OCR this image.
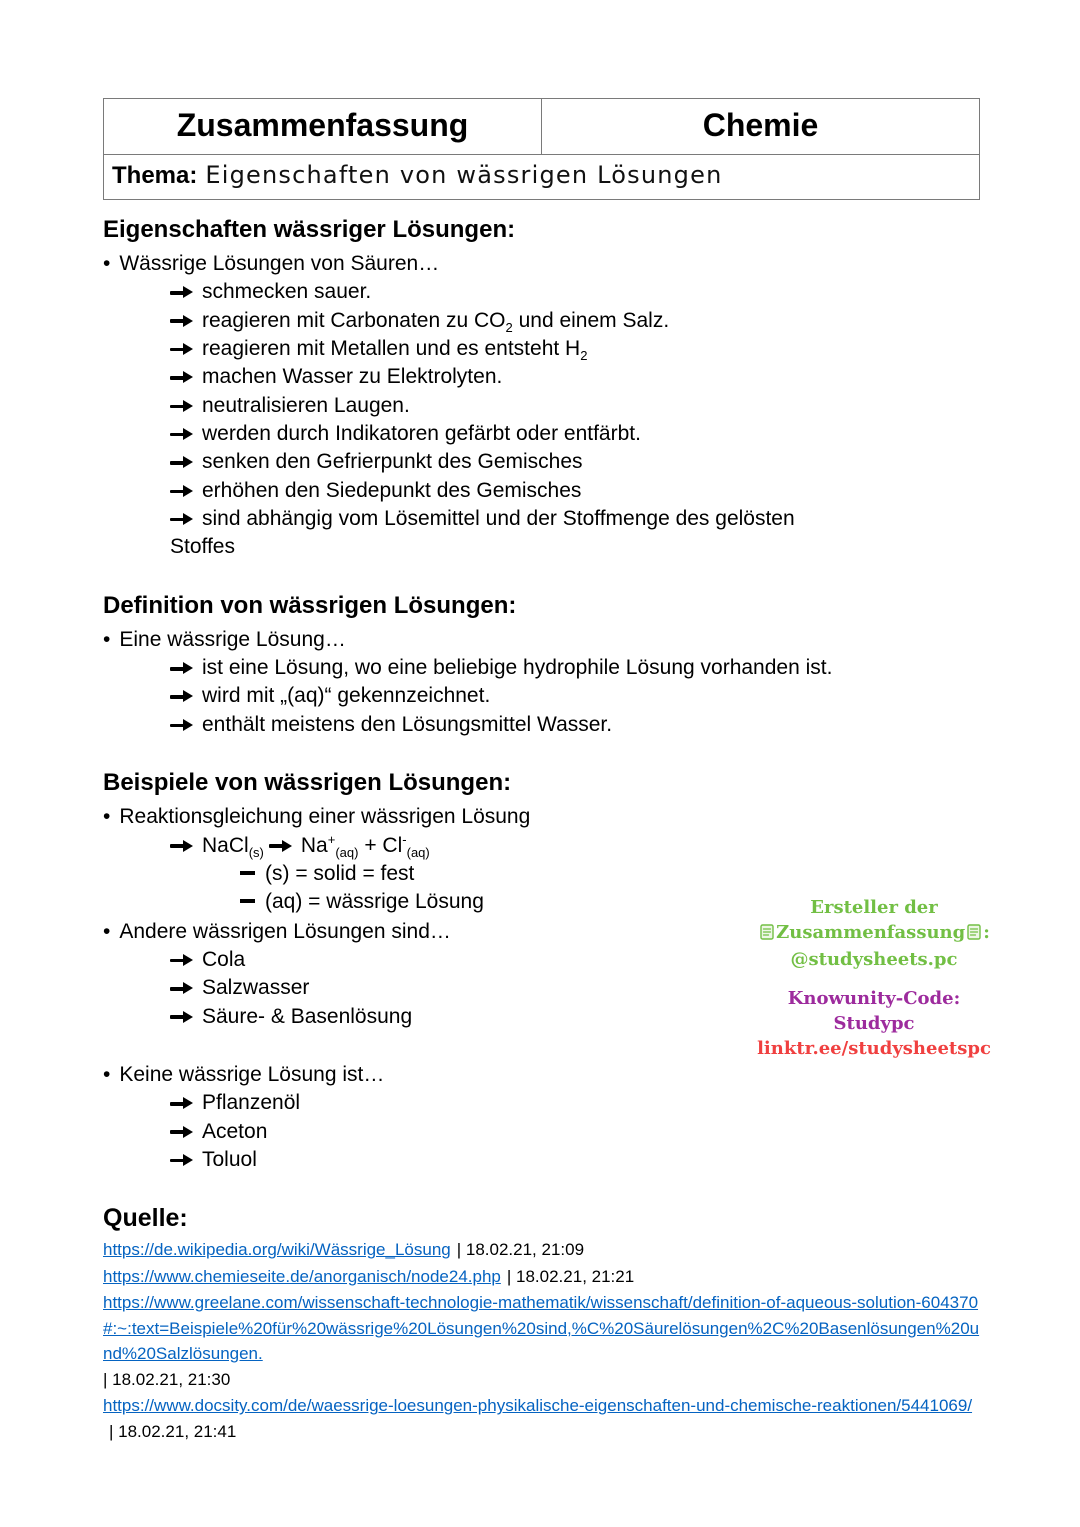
Zusammenfassung	Chemie
Thema: Eigenschaften von wässrigen Lösungen
Eigenschaften wässriger Lösungen:
• Wässrige Lösungen von Säuren…
schmecken sauer.
reagieren mit Carbonaten zu $CO_2$ und einem Salz.
reagieren mit Metallen und es entsteht $H_2$
machen Wasser zu Elektrolyten.
neutralisieren Laugen.
werden durch Indikatoren gefärbt oder entfärbt.
senken den Gefrierpunkt des Gemisches
erhöhen den Siedepunkt des Gemisches
sind abhängig vom Lösemittel und der Stoffmenge des gelösten Stoffes
Definition von wässrigen Lösungen:
• Eine wässrige Lösung…
ist eine Lösung, wo eine beliebige hydrophile Lösung vorhanden ist.
wird mit „(aq)“ gekennzeichnet.
enthält meistens den Lösungsmittel Wasser.
Beispiele von wässrigen Lösungen:
• Reaktionsgleichung einer wässrigen Lösung
NaCl$_{(s)}$ $Na^+_{(aq)} + Cl^-_{(aq)}$
(s) = solid = fest
(aq) = wässrige Lösung
• Andere wässrigen Lösungen sind…
Cola
Salzwasser
Säure- & Basenlösung
• Keine wässrige Lösung ist…
Pflanzenöl
Aceton
Toluol
Quelle:
https://de.wikipedia.org/wiki/Wässrige_Lösung | 18.02.21, 21:09
https://www.chemieseite.de/anorganisch/node24.php | 18.02.21, 21:21
https://www.greelane.com/wissenschaft-technologie-mathematik/wissenschaft/definition-of-aqueous-solution-604370#:~:text=Beispiele%20für%20wässrige%20Lösungen%20sind,%C%20Säurelösungen%2C%20Basenlösungen%20und%20Salzlösungen.
| 18.02.21, 21:30
https://www.docsity.com/de/waessrige-loesungen-physikalische-eigenschaften-und-chemische-reaktionen/5441069/| 18.02.21, 21:41
Ersteller der
Zusammenfassung :
@studysheets.pc
Knowunity-Code:
Studypc
linktr.ee/studysheetspc
